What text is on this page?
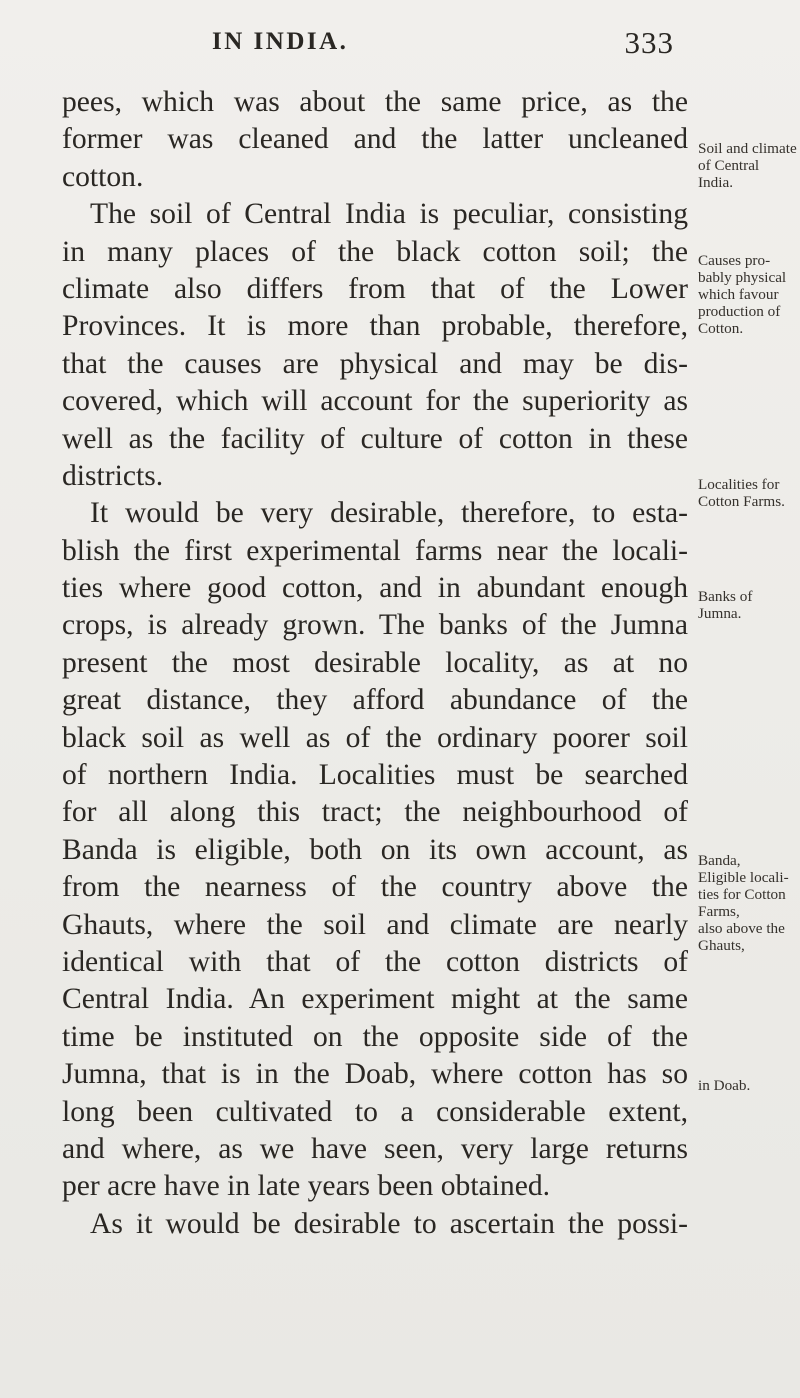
IN INDIA.	333
pees, which was about the same price, as the
former was cleaned and the latter uncleaned
cotton.
The soil of Central India is peculiar, consisting
in many places of the black cotton soil; the
climate also differs from that of the Lower
Provinces. It is more than probable, therefore,
that the causes are physical and may be dis-
covered, which will account for the superiority as
well as the facility of culture of cotton in these
districts.
It would be very desirable, therefore, to esta-
blish the first experimental farms near the locali-
ties where good cotton, and in abundant enough
crops, is already grown. The banks of the Jumna
present the most desirable locality, as at no
great distance, they afford abundance of the
black soil as well as of the ordinary poorer soil
of northern India. Localities must be searched
for all along this tract; the neighbourhood of
Banda is eligible, both on its own account, as
from the nearness of the country above the
Ghauts, where the soil and climate are nearly
identical with that of the cotton districts of
Central India. An experiment might at the same
time be instituted on the opposite side of the
Jumna, that is in the Doab, where cotton has so
long been cultivated to a considerable extent,
and where, as we have seen, very large returns
per acre have in late years been obtained.
As it would be desirable to ascertain the possi-
Soil and climate
of Central
India.
Causes pro-
bably physical
which favour
production of
Cotton.
Localities for
Cotton Farms.
Banks of
Jumna.
Banda,
Eligible locali-
ties for Cotton
Farms,
also above the
Ghauts,
in Doab.
